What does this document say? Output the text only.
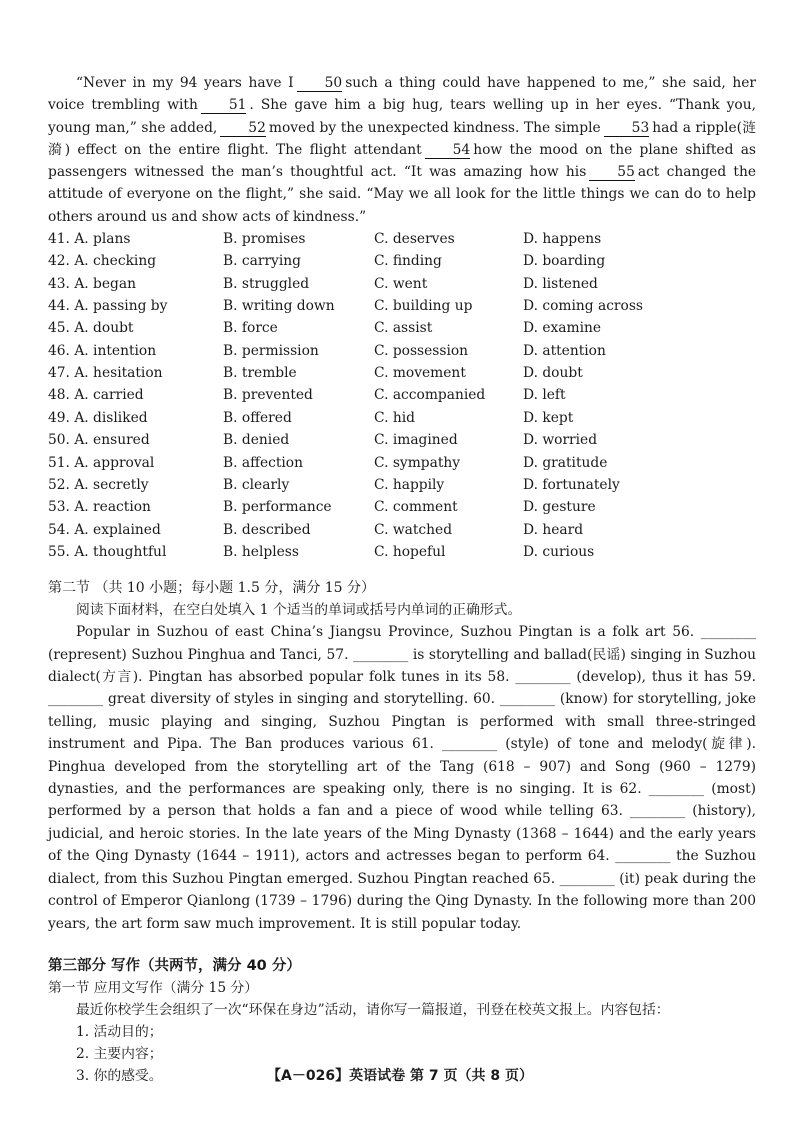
“Never in my 94 years have I 50 such a thing could have happened to me,” she said, her voice trembling with 51 . She gave him a big hug, tears welling up in her eyes. “Thank you, young man,” she added, 52 moved by the unexpected kindness. The simple 53 had a ripple(涟漪) effect on the entire flight. The flight attendant 54 how the mood on the plane shifted as passengers witnessed the man’s thoughtful act. “It was amazing how his 55 act changed the attitude of everyone on the flight,” she said. “May we all look for the little things we can do to help others around us and show acts of kindness.”

41. A. plans	B. promises	C. deserves	D. happens
42. A. checking	B. carrying	C. finding	D. boarding
43. A. began	B. struggled	C. went	D. listened
44. A. passing by	B. writing down	C. building up	D. coming across
45. A. doubt	B. force	C. assist	D. examine
46. A. intention	B. permission	C. possession	D. attention
47. A. hesitation	B. tremble	C. movement	D. doubt
48. A. carried	B. prevented	C. accompanied	D. left
49. A. disliked	B. offered	C. hid	D. kept
50. A. ensured	B. denied	C. imagined	D. worried
51. A. approval	B. affection	C. sympathy	D. gratitude
52. A. secretly	B. clearly	C. happily	D. fortunately
53. A. reaction	B. performance	C. comment	D. gesture
54. A. explained	B. described	C. watched	D. heard
55. A. thoughtful	B. helpless	C. hopeful	D. curious

第二节 （共 10 小题；每小题 1.5 分，满分 15 分）

阅读下面材料，在空白处填入 1 个适当的单词或括号内单词的正确形式。

Popular in Suzhou of east China’s Jiangsu Province, Suzhou Pingtan is a folk art 56. ________ (represent) Suzhou Pinghua and Tanci, 57. ________ is storytelling and ballad(民谣) singing in Suzhou dialect(方言). Pingtan has absorbed popular folk tunes in its 58. ________ (develop), thus it has 59. ________ great diversity of styles in singing and storytelling. 60. ________ (know) for storytelling, joke telling, music playing and singing, Suzhou Pingtan is performed with small three-stringed instrument and Pipa. The Ban produces various 61. ________ (style) of tone and melody(旋律). Pinghua developed from the storytelling art of the Tang (618 – 907) and Song (960 – 1279) dynasties, and the performances are speaking only, there is no singing. It is 62. ________ (most) performed by a person that holds a fan and a piece of wood while telling 63. ________ (history), judicial, and heroic stories. In the late years of the Ming Dynasty (1368 – 1644) and the early years of the Qing Dynasty (1644 – 1911), actors and actresses began to perform 64. ________ the Suzhou dialect, from this Suzhou Pingtan emerged. Suzhou Pingtan reached 65. ________ (it) peak during the control of Emperor Qianlong (1739 – 1796) during the Qing Dynasty. In the following more than 200 years, the art form saw much improvement. It is still popular today.

第三部分 写作（共两节，满分 40 分）

第一节 应用文写作（满分 15 分）

最近你校学生会组织了一次“环保在身边”活动，请你写一篇报道，刊登在校英文报上。内容包括：

1. 活动目的；

2. 主要内容；

3. 你的感受。	【A－026】英语试卷 第 7 页（共 8 页）
